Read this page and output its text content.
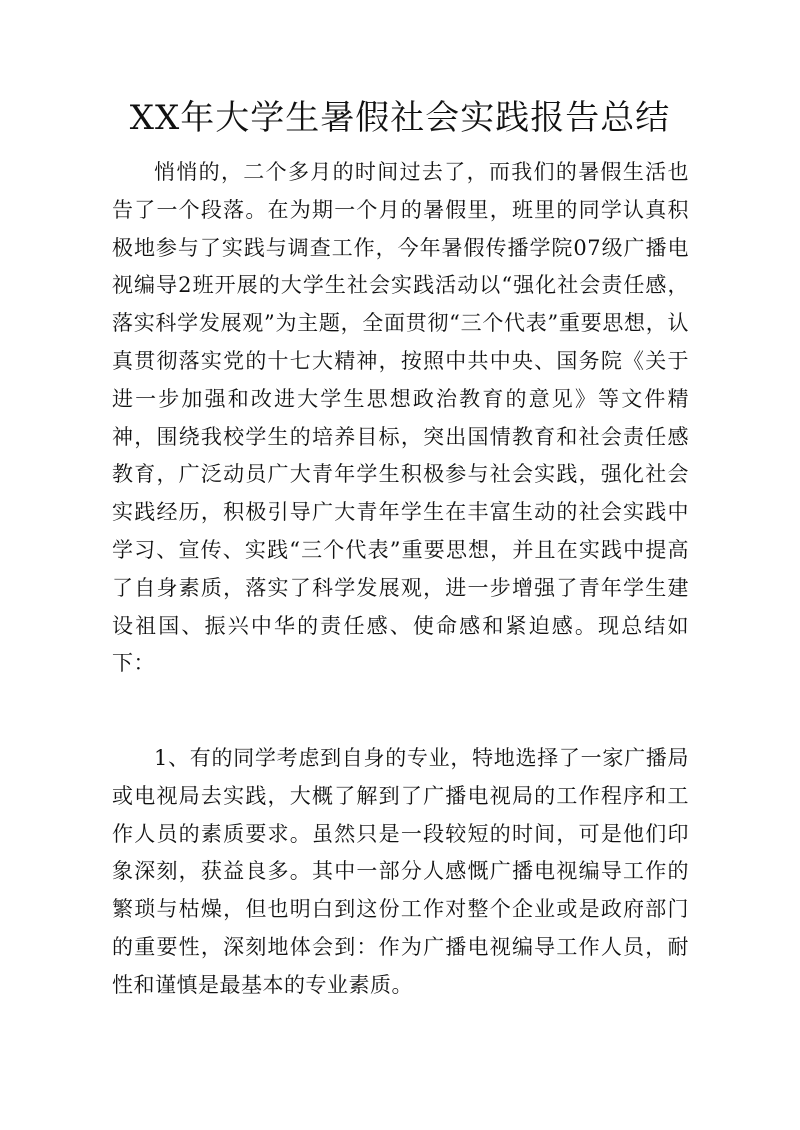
XX年大学生暑假社会实践报告总结

悄悄的，二个多月的时间过去了，而我们的暑假生活也告了一个段落。在为期一个月的暑假里，班里的同学认真积极地参与了实践与调查工作，今年暑假传播学院07级广播电视编导2班开展的大学生社会实践活动以“强化社会责任感，落实科学发展观”为主题，全面贯彻“三个代表”重要思想，认真贯彻落实党的十七大精神，按照中共中央、国务院《关于进一步加强和改进大学生思想政治教育的意见》等文件精神，围绕我校学生的培养目标，突出国情教育和社会责任感教育，广泛动员广大青年学生积极参与社会实践，强化社会实践经历，积极引导广大青年学生在丰富生动的社会实践中学习、宣传、实践“三个代表”重要思想，并且在实践中提高了自身素质，落实了科学发展观，进一步增强了青年学生建设祖国、振兴中华的责任感、使命感和紧迫感。现总结如下：

1、有的同学考虑到自身的专业，特地选择了一家广播局或电视局去实践，大概了解到了广播电视局的工作程序和工作人员的素质要求。虽然只是一段较短的时间，可是他们印象深刻，获益良多。其中一部分人感慨广播电视编导工作的繁琐与枯燥，但也明白到这份工作对整个企业或是政府部门的重要性，深刻地体会到：作为广播电视编导工作人员，耐性和谨慎是最基本的专业素质。
